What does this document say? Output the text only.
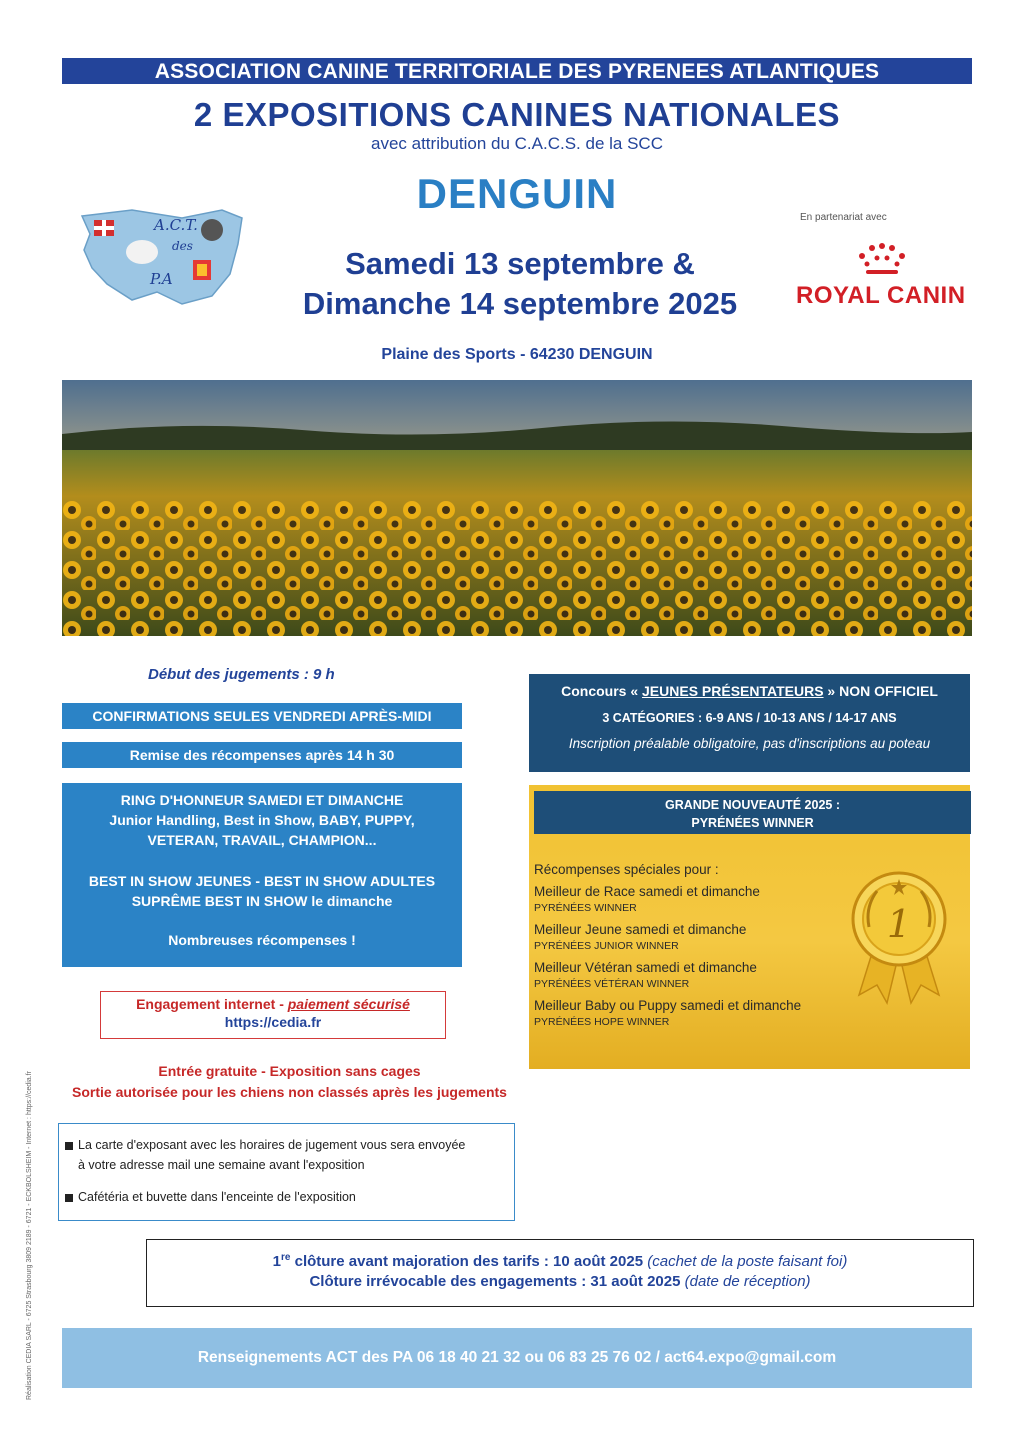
ASSOCIATION CANINE TERRITORIALE DES PYRENEES ATLANTIQUES
2 EXPOSITIONS CANINES NATIONALES
avec attribution du C.A.C.S. de la SCC
DENGUIN
A.C.T.
des
P.A	Samedi 13 septembre &
Dimanche 14 septembre 2025
En partenariat avec
ROYAL CANIN
Plaine des Sports - 64230 DENGUIN
Début des jugements : 9 h
CONFIRMATIONS SEULES VENDREDI APRÈS-MIDI
Remise des récompenses après 14 h 30
RING D'HONNEUR SAMEDI ET DIMANCHE
Junior Handling, Best in Show, BABY, PUPPY,
VETERAN, TRAVAIL, CHAMPION...
BEST IN SHOW JEUNES - BEST IN SHOW ADULTES
SUPRÊME BEST IN SHOW le dimanche
Nombreuses récompenses !
Engagement internet - paiement sécurisé
https://cedia.fr
Entrée gratuite - Exposition sans cages
Sortie autorisée pour les chiens non classés après les jugements
La carte d'exposant avec les horaires de jugement vous sera envoyée
à votre adresse mail une semaine avant l'exposition
Cafétéria et buvette dans l'enceinte de l'exposition
Concours « JEUNES PRÉSENTATEURS » NON OFFICIEL
3 CATÉGORIES : 6-9 ANS / 10-13 ANS / 14-17 ANS
Inscription préalable obligatoire, pas d'inscriptions au poteau
GRANDE NOUVEAUTÉ 2025 :
PYRÉNÉES WINNER
Récompenses spéciales pour :
Meilleur de Race samedi et dimanche
PYRÉNÉES WINNER
Meilleur Jeune samedi et dimanche
PYRÉNÉES JUNIOR WINNER
Meilleur Vétéran samedi et dimanche
PYRÉNÉES VÉTÉRAN WINNER
Meilleur Baby ou Puppy samedi et dimanche
PYRÉNÉES HOPE WINNER
1
1re clôture avant majoration des tarifs : 10 août 2025 (cachet de la poste faisant foi)
Clôture irrévocable des engagements : 31 août 2025 (date de réception)
Renseignements ACT des PA 06 18 40 21 32 ou 06 83 25 76 02 / act64.expo@gmail.com
Réalisation CEDIA SARL - 6725 Strasbourg 3809 2189 - 6721 - ECKBOLSHEIM - Internet : https://cedia.fr
